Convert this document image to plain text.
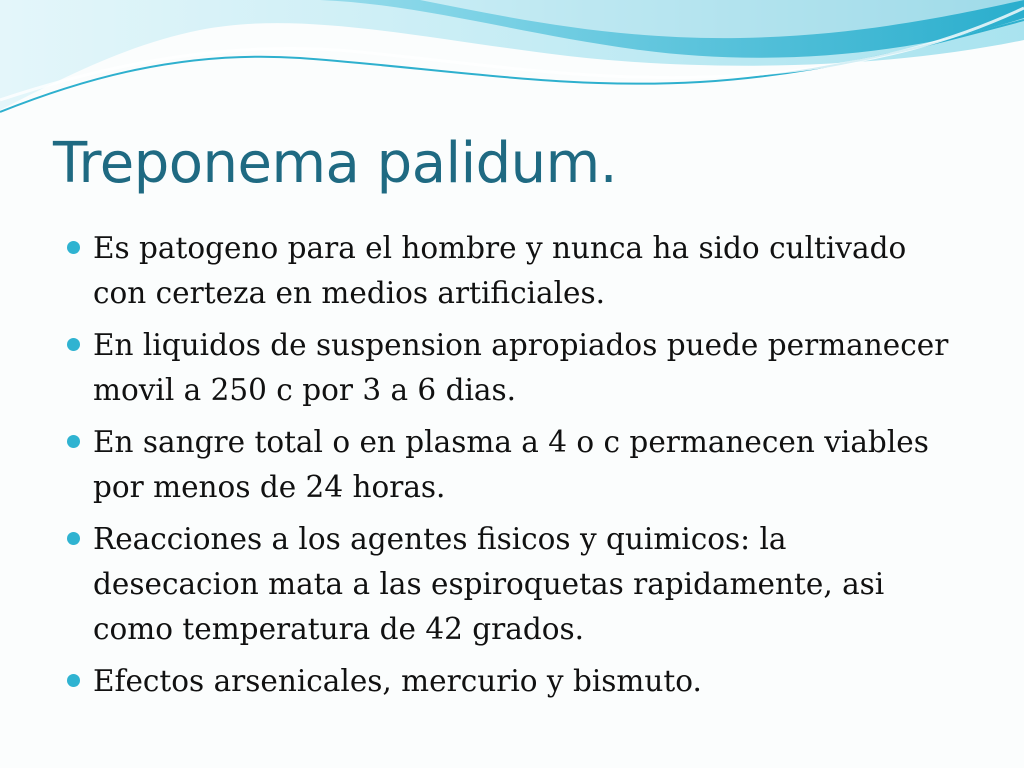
Treponema palidum.
Es patogeno para el hombre y nunca ha sido cultivado con certeza en medios artificiales.
En liquidos de suspension apropiados puede permanecer movil a 250 c por 3 a 6 dias.
En sangre total o en plasma a 4 o c permanecen viables por menos de 24 horas.
Reacciones a los agentes fisicos y quimicos: la desecacion mata a las espiroquetas rapidamente, asi como temperatura de 42 grados.
Efectos arsenicales, mercurio y bismuto.
